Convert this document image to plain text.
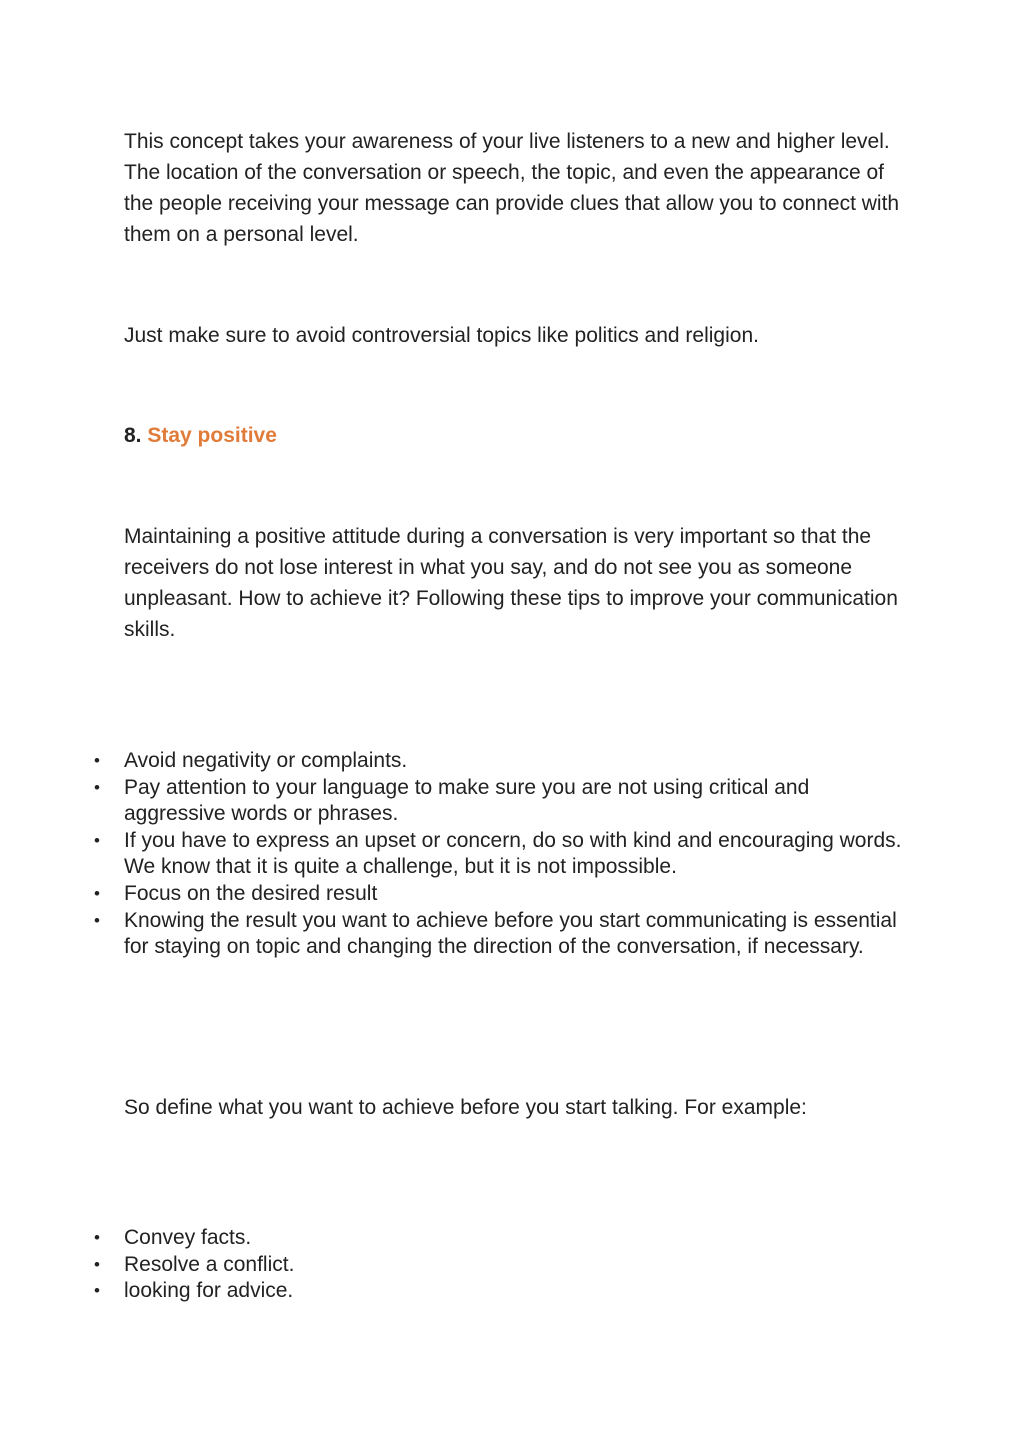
This concept takes your awareness of your live listeners to a new and higher level. The location of the conversation or speech, the topic, and even the appearance of the people receiving your message can provide clues that allow you to connect with them on a personal level.

Just make sure to avoid controversial topics like politics and religion.

8. Stay positive

Maintaining a positive attitude during a conversation is very important so that the receivers do not lose interest in what you say, and do not see you as someone unpleasant. How to achieve it? Following these tips to improve your communication skills.

• Avoid negativity or complaints.
• Pay attention to your language to make sure you are not using critical and aggressive words or phrases.
• If you have to express an upset or concern, do so with kind and encouraging words. We know that it is quite a challenge, but it is not impossible.
• Focus on the desired result
• Knowing the result you want to achieve before you start communicating is essential for staying on topic and changing the direction of the conversation, if necessary.

So define what you want to achieve before you start talking. For example:

• Convey facts.
• Resolve a conflict.
• looking for advice.
